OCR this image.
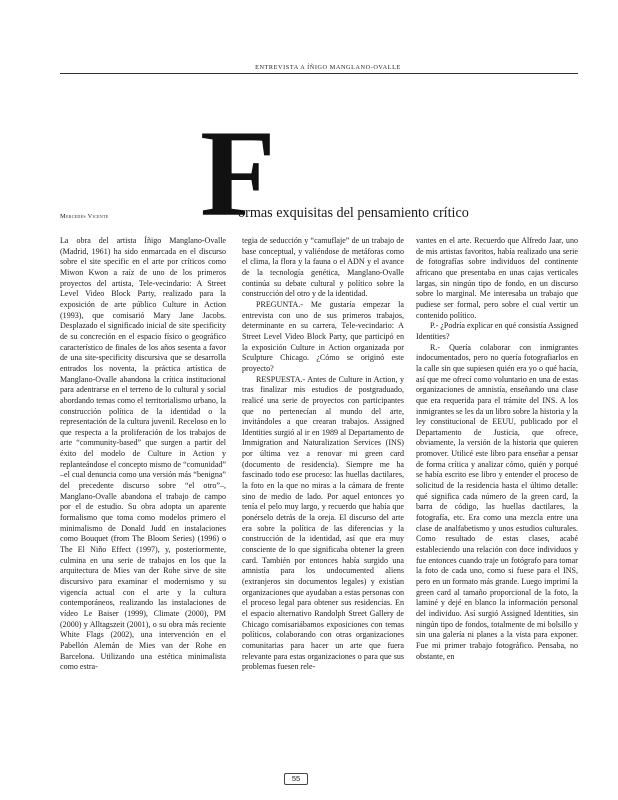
ENTREVISTA A ÍÑIGO MANGLANO-OVALLE
F
ormas exquisitas del pensamiento crítico
Mercedes Vicente

La obra del artista Íñigo Manglano-Ovalle (Madrid, 1961) ha sido enmarcada en el discurso sobre el site specific en el arte por críticos como Miwon Kwon a raíz de uno de los primeros proyectos del artista, Tele-vecindario: A Street Level Video Block Party, realizado para la exposición de arte público Culture in Action (1993), que comisarió Mary Jane Jacobs. Desplazado el significado inicial de site specificity de su concreción en el espacio físico o geográfico característico de finales de los años sesenta a favor de una site-specificity discursiva que se desarrolla entrados los noventa, la práctica artística de Manglano-Ovalle abandona la crítica institucional para adentrarse en el terreno de lo cultural y social abordando temas como el territorialismo urbano, la construcción política de la identidad o la representación de la cultura juvenil. Receloso en lo que respecta a la proliferación de los trabajos de arte “community-based” que surgen a partir del éxito del modelo de Culture in Action y replanteándose el concepto mismo de “comunidad” –el cual denuncia como una versión más “benigna” del precedente discurso sobre “el otro”–, Manglano-Ovalle abandona el trabajo de campo por el de estudio. Su obra adopta un aparente formalismo que toma como modelos primero el minimalismo de Donald Judd en instalaciones como Bouquet (from The Bloom Series) (1996) o The El Niño Effect (1997), y, posteriormente, culmina en una serie de trabajos en los que la arquitectura de Mies van der Rohe sirve de site discursivo para examinar el modernismo y su vigencia actual con el arte y la cultura contemporáneos, realizando las instalaciones de vídeo Le Baiser (1999), Climate (2000), PM (2000) y Alltagszeit (2001), o su obra más reciente White Flags (2002), una intervención en el Pabellón Alemán de Mies van der Rohe en Barcelona. Utilizando una estética minimalista como estra-

tegia de seducción y “camuflaje” de un trabajo de base conceptual, y valiéndose de metáforas como el clima, la flora y la fauna o el ADN y el avance de la tecnología genética, Manglano-Ovalle continúa su debate cultural y político sobre la construcción del otro y de la identidad.

PREGUNTA.- Me gustaría empezar la entrevista con uno de sus primeros trabajos, determinante en su carrera, Tele-vecindario: A Street Level Video Block Party, que participó en la exposición Culture in Action organizada por Sculpture Chicago. ¿Cómo se originó este proyecto?

RESPUESTA.- Antes de Culture in Action, y tras finalizar mis estudios de postgraduado, realicé una serie de proyectos con participantes que no pertenecían al mundo del arte, invitándoles a que crearan trabajos. Assigned Identities surgió al ir en 1989 al Departamento de Immigration and Naturalization Services (INS) por última vez a renovar mi green card (documento de residencia). Siempre me ha fascinado todo ese proceso: las huellas dactilares, la foto en la que no miras a la cámara de frente sino de medio de lado. Por aquel entonces yo tenía el pelo muy largo, y recuerdo que había que ponérselo detrás de la oreja. El discurso del arte era sobre la política de las diferencias y la construcción de la identidad, así que era muy consciente de lo que significaba obtener la green card. También por entonces había surgido una amnistía para los undocumented aliens (extranjeros sin documentos legales) y existían organizaciones que ayudaban a estas personas con el proceso legal para obtener sus residencias. En el espacio alternativo Randolph Street Gallery de Chicago comisariábamos exposiciones con temas políticos, colaborando con otras organizaciones comunitarias para hacer un arte que fuera relevante para estas organizaciones o para que sus problemas fuesen rele-

vantes en el arte. Recuerdo que Alfredo Jaar, uno de mis artistas favoritos, había realizado una serie de fotografías sobre individuos del continente africano que presentaba en unas cajas verticales largas, sin ningún tipo de fondo, en un discurso sobre lo marginal. Me interesaba un trabajo que pudiese ser formal, pero sobre el cual vertir un contenido político.

P.- ¿Podría explicar en qué consistía Assigned Identities?

R.- Quería colaborar con inmigrantes indocumentados, pero no quería fotografiarlos en la calle sin que supiesen quién era yo o qué hacía, así que me ofrecí como voluntario en una de estas organizaciones de amnistía, enseñando una clase que era requerida para el trámite del INS. A los inmigrantes se les da un libro sobre la historia y la ley constitucional de EEUU, publicado por el Departamento de Justicia, que ofrece, obviamente, la versión de la historia que quieren promover. Utilicé este libro para enseñar a pensar de forma crítica y analizar cómo, quién y porqué se había escrito ese libro y entender el proceso de solicitud de la residencia hasta el último detalle: qué significa cada número de la green card, la barra de código, las huellas dactilares, la fotografía, etc. Era como una mezcla entre una clase de analfabetismo y unos estudios culturales. Como resultado de estas clases, acabé estableciendo una relación con doce individuos y fue entonces cuando traje un fotógrafo para tomar la foto de cada uno, como si fuese para el INS, pero en un formato más grande. Luego imprimí la green card al tamaño proporcional de la foto, la laminé y dejé en blanco la información personal del individuo. Así surgió Assigned Identities, sin ningún tipo de fondos, totalmente de mi bolsillo y sin una galería ni planes a la vista para exponer. Fue mi primer trabajo fotográfico. Pensaba, no obstante, en

55
